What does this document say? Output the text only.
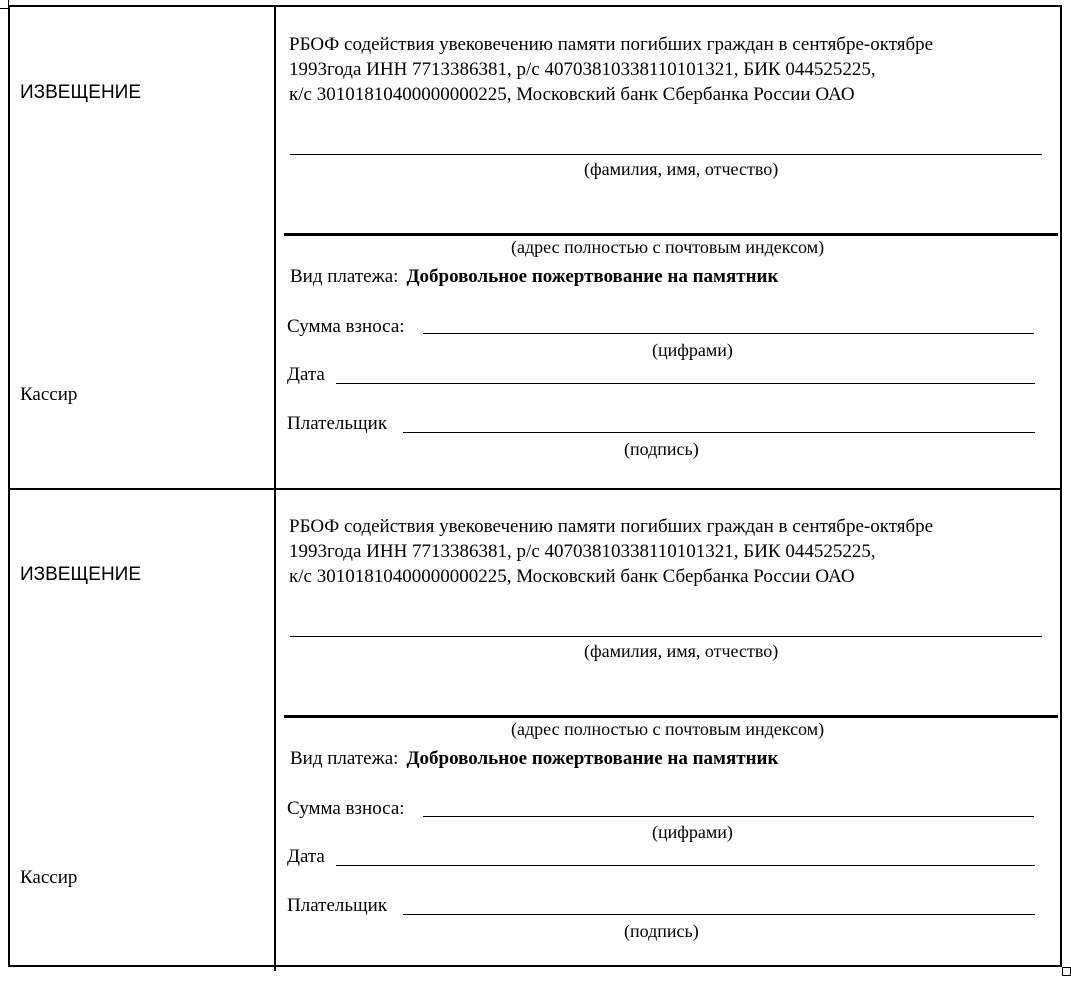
ИЗВЕЩЕНИЕ
Кассир
РБОФ содействия увековечению памяти погибших граждан в сентябре-октябре
1993года ИНН 7713386381, р/с 40703810338110101321, БИК 044525225,
к/с 30101810400000000225, Московский банк Сбербанка России ОАО
(фамилия, имя, отчество)
(адрес полностью с почтовым индексом)
Вид платежа: Добровольное пожертвование на памятник
Сумма взноса:
(цифрами)
Дата
Плательщик
(подпись)
ИЗВЕЩЕНИЕ
Кассир
РБОФ содействия увековечению памяти погибших граждан в сентябре-октябре
1993года ИНН 7713386381, р/с 40703810338110101321, БИК 044525225,
к/с 30101810400000000225, Московский банк Сбербанка России ОАО
(фамилия, имя, отчество)
(адрес полностью с почтовым индексом)
Вид платежа: Добровольное пожертвование на памятник
Сумма взноса:
(цифрами)
Дата
Плательщик
(подпись)
